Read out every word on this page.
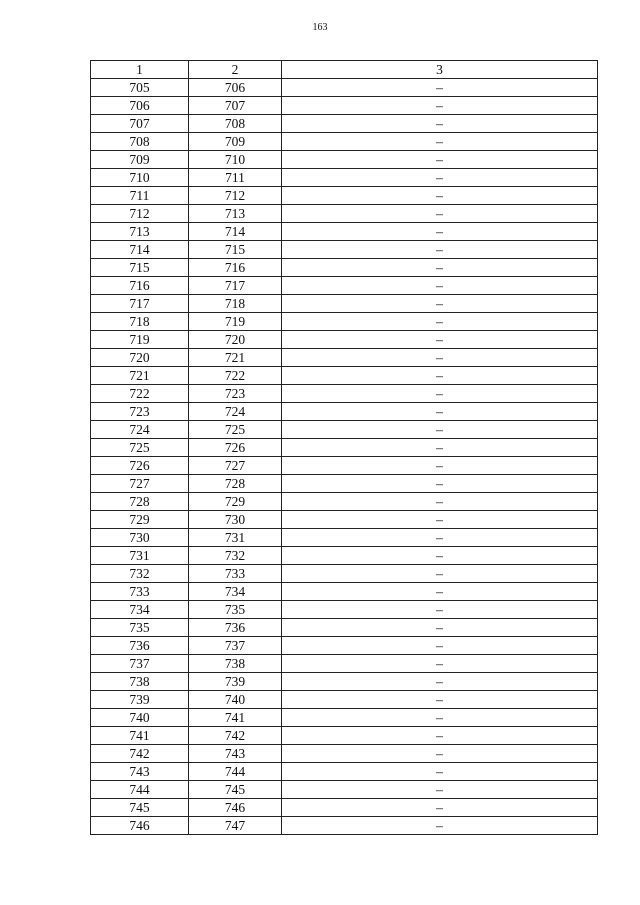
163
1	2	3
705	706	–
706	707	–
707	708	–
708	709	–
709	710	–
710	711	–
711	712	–
712	713	–
713	714	–
714	715	–
715	716	–
716	717	–
717	718	–
718	719	–
719	720	–
720	721	–
721	722	–
722	723	–
723	724	–
724	725	–
725	726	–
726	727	–
727	728	–
728	729	–
729	730	–
730	731	–
731	732	–
732	733	–
733	734	–
734	735	–
735	736	–
736	737	–
737	738	–
738	739	–
739	740	–
740	741	–
741	742	–
742	743	–
743	744	–
744	745	–
745	746	–
746	747	–
